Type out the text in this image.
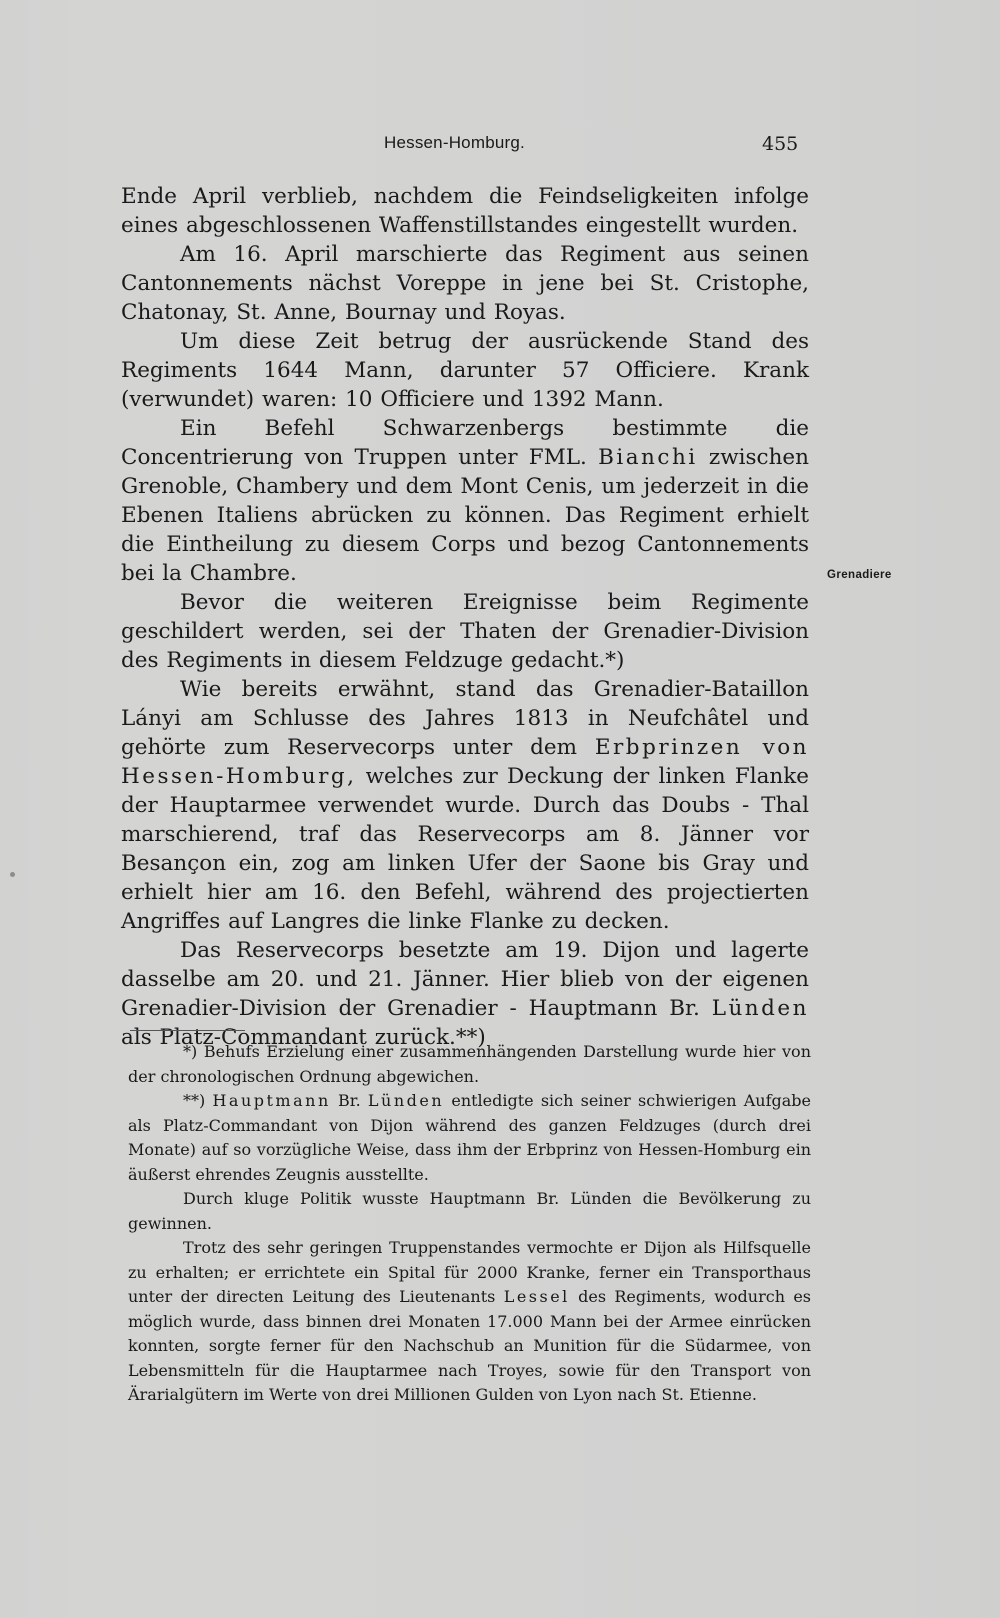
Hessen-Homburg.	455

Ende April verblieb, nachdem die Feindseligkeiten infolge eines abgeschlossenen Waffenstillstandes eingestellt wurden.

Am 16. April marschierte das Regiment aus seinen Cantonnements nächst Voreppe in jene bei St. Cristophe, Chatonay, St. Anne, Bournay und Royas.

Um diese Zeit betrug der ausrückende Stand des Regiments 1644 Mann, darunter 57 Officiere. Krank (verwundet) waren: 10 Officiere und 1392 Mann.

Ein Befehl Schwarzenbergs bestimmte die Concentrierung von Truppen unter FML. Bianchi zwischen Grenoble, Chambery und dem Mont Cenis, um jederzeit in die Ebenen Italiens abrücken zu können. Das Regiment erhielt die Eintheilung zu diesem Corps und bezog Cantonnements bei la Chambre.

Bevor die weiteren Ereignisse beim Regimente geschildert werden, sei der Thaten der Grenadier-Division des Regiments in diesem Feldzuge gedacht.*)

Wie bereits erwähnt, stand das Grenadier-Bataillon Lányi am Schlusse des Jahres 1813 in Neufchâtel und gehörte zum Reservecorps unter dem Erbprinzen von Hessen-Homburg, welches zur Deckung der linken Flanke der Hauptarmee verwendet wurde. Durch das Doubs - Thal marschierend, traf das Reservecorps am 8. Jänner vor Besançon ein, zog am linken Ufer der Saone bis Gray und erhielt hier am 16. den Befehl, während des projectierten Angriffes auf Langres die linke Flanke zu decken.

Das Reservecorps besetzte am 19. Dijon und lagerte dasselbe am 20. und 21. Jänner. Hier blieb von der eigenen Grenadier-Division der Grenadier - Hauptmann Br. Lünden als Platz-Commandant zurück.**)

Grenadiere

*) Behufs Erzielung einer zusammenhängenden Darstellung wurde hier von der chronologischen Ordnung abgewichen.

**) Hauptmann Br. Lünden entledigte sich seiner schwierigen Aufgabe als Platz-Commandant von Dijon während des ganzen Feldzuges (durch drei Monate) auf so vorzügliche Weise, dass ihm der Erbprinz von Hessen-Homburg ein äußerst ehrendes Zeugnis ausstellte.

Durch kluge Politik wusste Hauptmann Br. Lünden die Bevölkerung zu gewinnen.

Trotz des sehr geringen Truppenstandes vermochte er Dijon als Hilfsquelle zu erhalten; er errichtete ein Spital für 2000 Kranke, ferner ein Transporthaus unter der directen Leitung des Lieutenants Lessel des Regiments, wodurch es möglich wurde, dass binnen drei Monaten 17.000 Mann bei der Armee einrücken konnten, sorgte ferner für den Nachschub an Munition für die Südarmee, von Lebensmitteln für die Hauptarmee nach Troyes, sowie für den Transport von Ärarialgütern im Werte von drei Millionen Gulden von Lyon nach St. Etienne.
